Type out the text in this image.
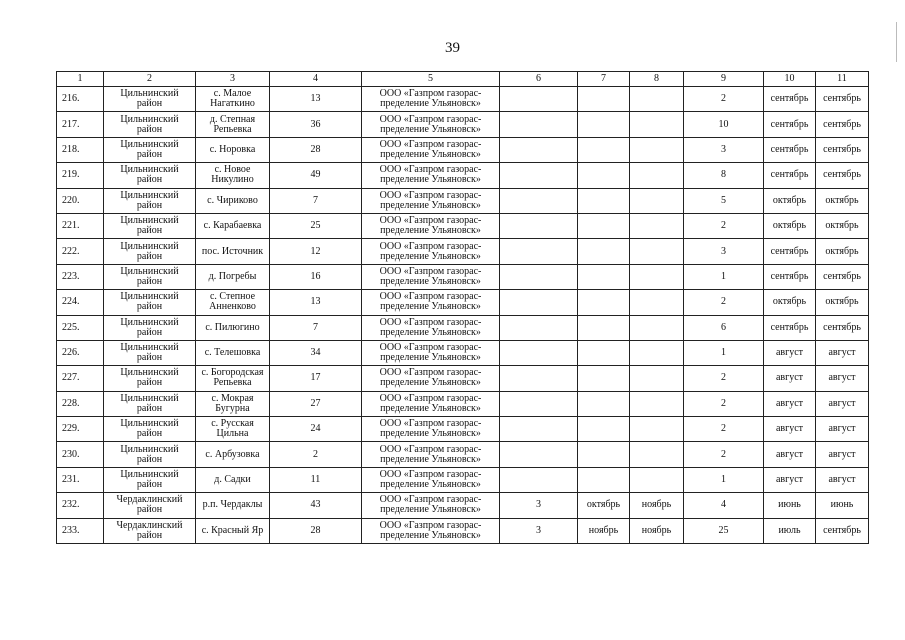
39
1	2	3	4	5	6	7	8	9	10	11
216.	Цильнинский
район	с. Малое
Нагаткино	13	ООО «Газпром газорас-
пределение Ульяновск»				2	сентябрь	сентябрь
217.	Цильнинский
район	д. Степная
Репьевка	36	ООО «Газпром газорас-
пределение Ульяновск»				10	сентябрь	сентябрь
218.	Цильнинский
район	с. Норовка	28	ООО «Газпром газорас-
пределение Ульяновск»				3	сентябрь	сентябрь
219.	Цильнинский
район	с. Новое
Никулино	49	ООО «Газпром газорас-
пределение Ульяновск»				8	сентябрь	сентябрь
220.	Цильнинский
район	с. Чириково	7	ООО «Газпром газорас-
пределение Ульяновск»				5	октябрь	октябрь
221.	Цильнинский
район	с. Карабаевка	25	ООО «Газпром газорас-
пределение Ульяновск»				2	октябрь	октябрь
222.	Цильнинский
район	пос. Источник	12	ООО «Газпром газорас-
пределение Ульяновск»				3	сентябрь	октябрь
223.	Цильнинский
район	д. Погребы	16	ООО «Газпром газорас-
пределение Ульяновск»				1	сентябрь	сентябрь
224.	Цильнинский
район	с. Степное
Анненково	13	ООО «Газпром газорас-
пределение Ульяновск»				2	октябрь	октябрь
225.	Цильнинский
район	с. Пилюгино	7	ООО «Газпром газорас-
пределение Ульяновск»				6	сентябрь	сентябрь
226.	Цильнинский
район	с. Телешовка	34	ООО «Газпром газорас-
пределение Ульяновск»				1	август	август
227.	Цильнинский
район	с. Богородская
Репьевка	17	ООО «Газпром газорас-
пределение Ульяновск»				2	август	август
228.	Цильнинский
район	с. Мокрая
Бугурна	27	ООО «Газпром газорас-
пределение Ульяновск»				2	август	август
229.	Цильнинский
район	с. Русская
Цильна	24	ООО «Газпром газорас-
пределение Ульяновск»				2	август	август
230.	Цильнинский
район	с. Арбузовка	2	ООО «Газпром газорас-
пределение Ульяновск»				2	август	август
231.	Цильнинский
район	д. Садки	11	ООО «Газпром газорас-
пределение Ульяновск»				1	август	август
232.	Чердаклинский
район	р.п. Чердаклы	43	ООО «Газпром газорас-
пределение Ульяновск»	3	октябрь	ноябрь	4	июнь	июнь
233.	Чердаклинский
район	с. Красный Яр	28	ООО «Газпром газорас-
пределение Ульяновск»	3	ноябрь	ноябрь	25	июль	сентябрь
